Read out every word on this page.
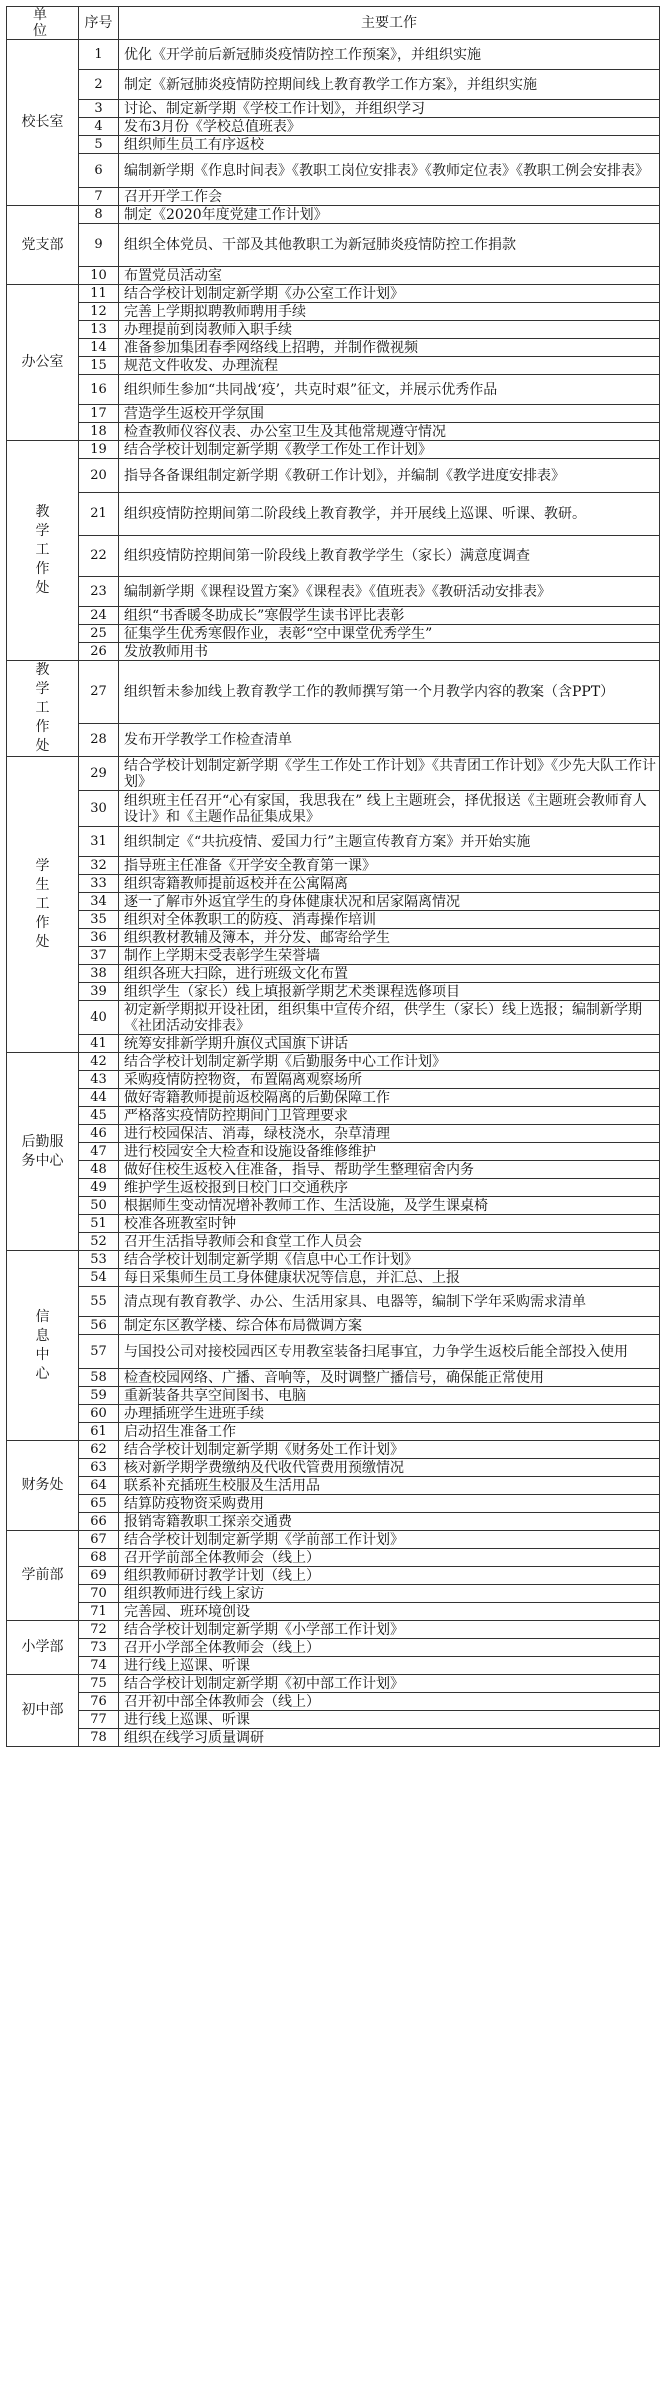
单 位	序号	主要工作
校长室	1	优化《开学前后新冠肺炎疫情防控工作预案》，并组织实施
	2	制定《新冠肺炎疫情防控期间线上教育教学工作方案》，并组织实施
	3	讨论、制定新学期《学校工作计划》，并组织学习
	4	发布3月份《学校总值班表》
	5	组织师生员工有序返校
	6	编制新学期《作息时间表》《教职工岗位安排表》《教师定位表》《教职工例会安排表》
	7	召开开学工作会
党支部	8	制定《2020年度党建工作计划》
	9	组织全体党员、干部及其他教职工为新冠肺炎疫情防控工作捐款
	10	布置党员活动室
办公室	11	结合学校计划制定新学期《办公室工作计划》
	12	完善上学期拟聘教师聘用手续
	13	办理提前到岗教师入职手续
	14	准备参加集团春季网络线上招聘，并制作微视频
	15	规范文件收发、办理流程
	16	组织师生参加“共同战‘疫’，共克时艰”征文，并展示优秀作品
	17	营造学生返校开学氛围
	18	检查教师仪容仪表、办公室卫生及其他常规遵守情况
教学工作处	19	结合学校计划制定新学期《教学工作处工作计划》
	20	指导各备课组制定新学期《教研工作计划》，并编制《教学进度安排表》
	21	组织疫情防控期间第二阶段线上教育教学，并开展线上巡课、听课、教研。
	22	组织疫情防控期间第一阶段线上教育教学学生（家长）满意度调查
	23	编制新学期《课程设置方案》《课程表》《值班表》《教研活动安排表》
	24	组织“书香暖冬助成长”寒假学生读书评比表彰
	25	征集学生优秀寒假作业，表彰“空中课堂优秀学生”
	26	发放教师用书
教学工作处	27	组织暂未参加线上教育教学工作的教师撰写第一个月教学内容的教案（含PPT）
	28	发布开学教学工作检查清单
学生工作处	29	结合学校计划制定新学期《学生工作处工作计划》《共青团工作计划》《少先大队工作计划》
	30	组织班主任召开“心有家国，我思我在” 线上主题班会，择优报送《主题班会教师育人设计》和《主题作品征集成果》
	31	组织制定《“共抗疫情、爱国力行”主题宣传教育方案》并开始实施
	32	指导班主任准备《开学安全教育第一课》
	33	组织寄籍教师提前返校并在公寓隔离
	34	逐一了解市外返宜学生的身体健康状况和居家隔离情况
	35	组织对全体教职工的防疫、消毒操作培训
	36	组织教材教辅及簿本，并分发、邮寄给学生
	37	制作上学期末受表彰学生荣誉墙
	38	组织各班大扫除，进行班级文化布置
	39	组织学生（家长）线上填报新学期艺术类课程选修项目
	40	初定新学期拟开设社团，组织集中宣传介绍，供学生（家长）线上选报；编制新学期《社团活动安排表》
	41	统筹安排新学期升旗仪式国旗下讲话
后勤服务中心	42	结合学校计划制定新学期《后勤服务中心工作计划》
	43	采购疫情防控物资，布置隔离观察场所
	44	做好寄籍教师提前返校隔离的后勤保障工作
	45	严格落实疫情防控期间门卫管理要求
	46	进行校园保洁、消毒，绿枝浇水，杂草清理
	47	进行校园安全大检查和设施设备维修维护
	48	做好住校生返校入住准备，指导、帮助学生整理宿舍内务
	49	维护学生返校报到日校门口交通秩序
	50	根据师生变动情况增补教师工作、生活设施，及学生课桌椅
	51	校准各班教室时钟
	52	召开生活指导教师会和食堂工作人员会
信息中心	53	结合学校计划制定新学期《信息中心工作计划》
	54	每日采集师生员工身体健康状况等信息，并汇总、上报
	55	清点现有教育教学、办公、生活用家具、电器等，编制下学年采购需求清单
	56	制定东区教学楼、综合体布局微调方案
	57	与国投公司对接校园西区专用教室装备扫尾事宜，力争学生返校后能全部投入使用
	58	检查校园网络、广播、音响等，及时调整广播信号，确保能正常使用
	59	重新装备共享空间图书、电脑
	60	办理插班学生进班手续
	61	启动招生准备工作
财务处	62	结合学校计划制定新学期《财务处工作计划》
	63	核对新学期学费缴纳及代收代管费用预缴情况
	64	联系补充插班生校服及生活用品
	65	结算防疫物资采购费用
	66	报销寄籍教职工探亲交通费
学前部	67	结合学校计划制定新学期《学前部工作计划》
	68	召开学前部全体教师会（线上）
	69	组织教师研讨教学计划（线上）
	70	组织教师进行线上家访
	71	完善园、班环境创设
小学部	72	结合学校计划制定新学期《小学部工作计划》
	73	召开小学部全体教师会（线上）
	74	进行线上巡课、听课
初中部	75	结合学校计划制定新学期《初中部工作计划》
	76	召开初中部全体教师会（线上）
	77	进行线上巡课、听课
	78	组织在线学习质量调研
